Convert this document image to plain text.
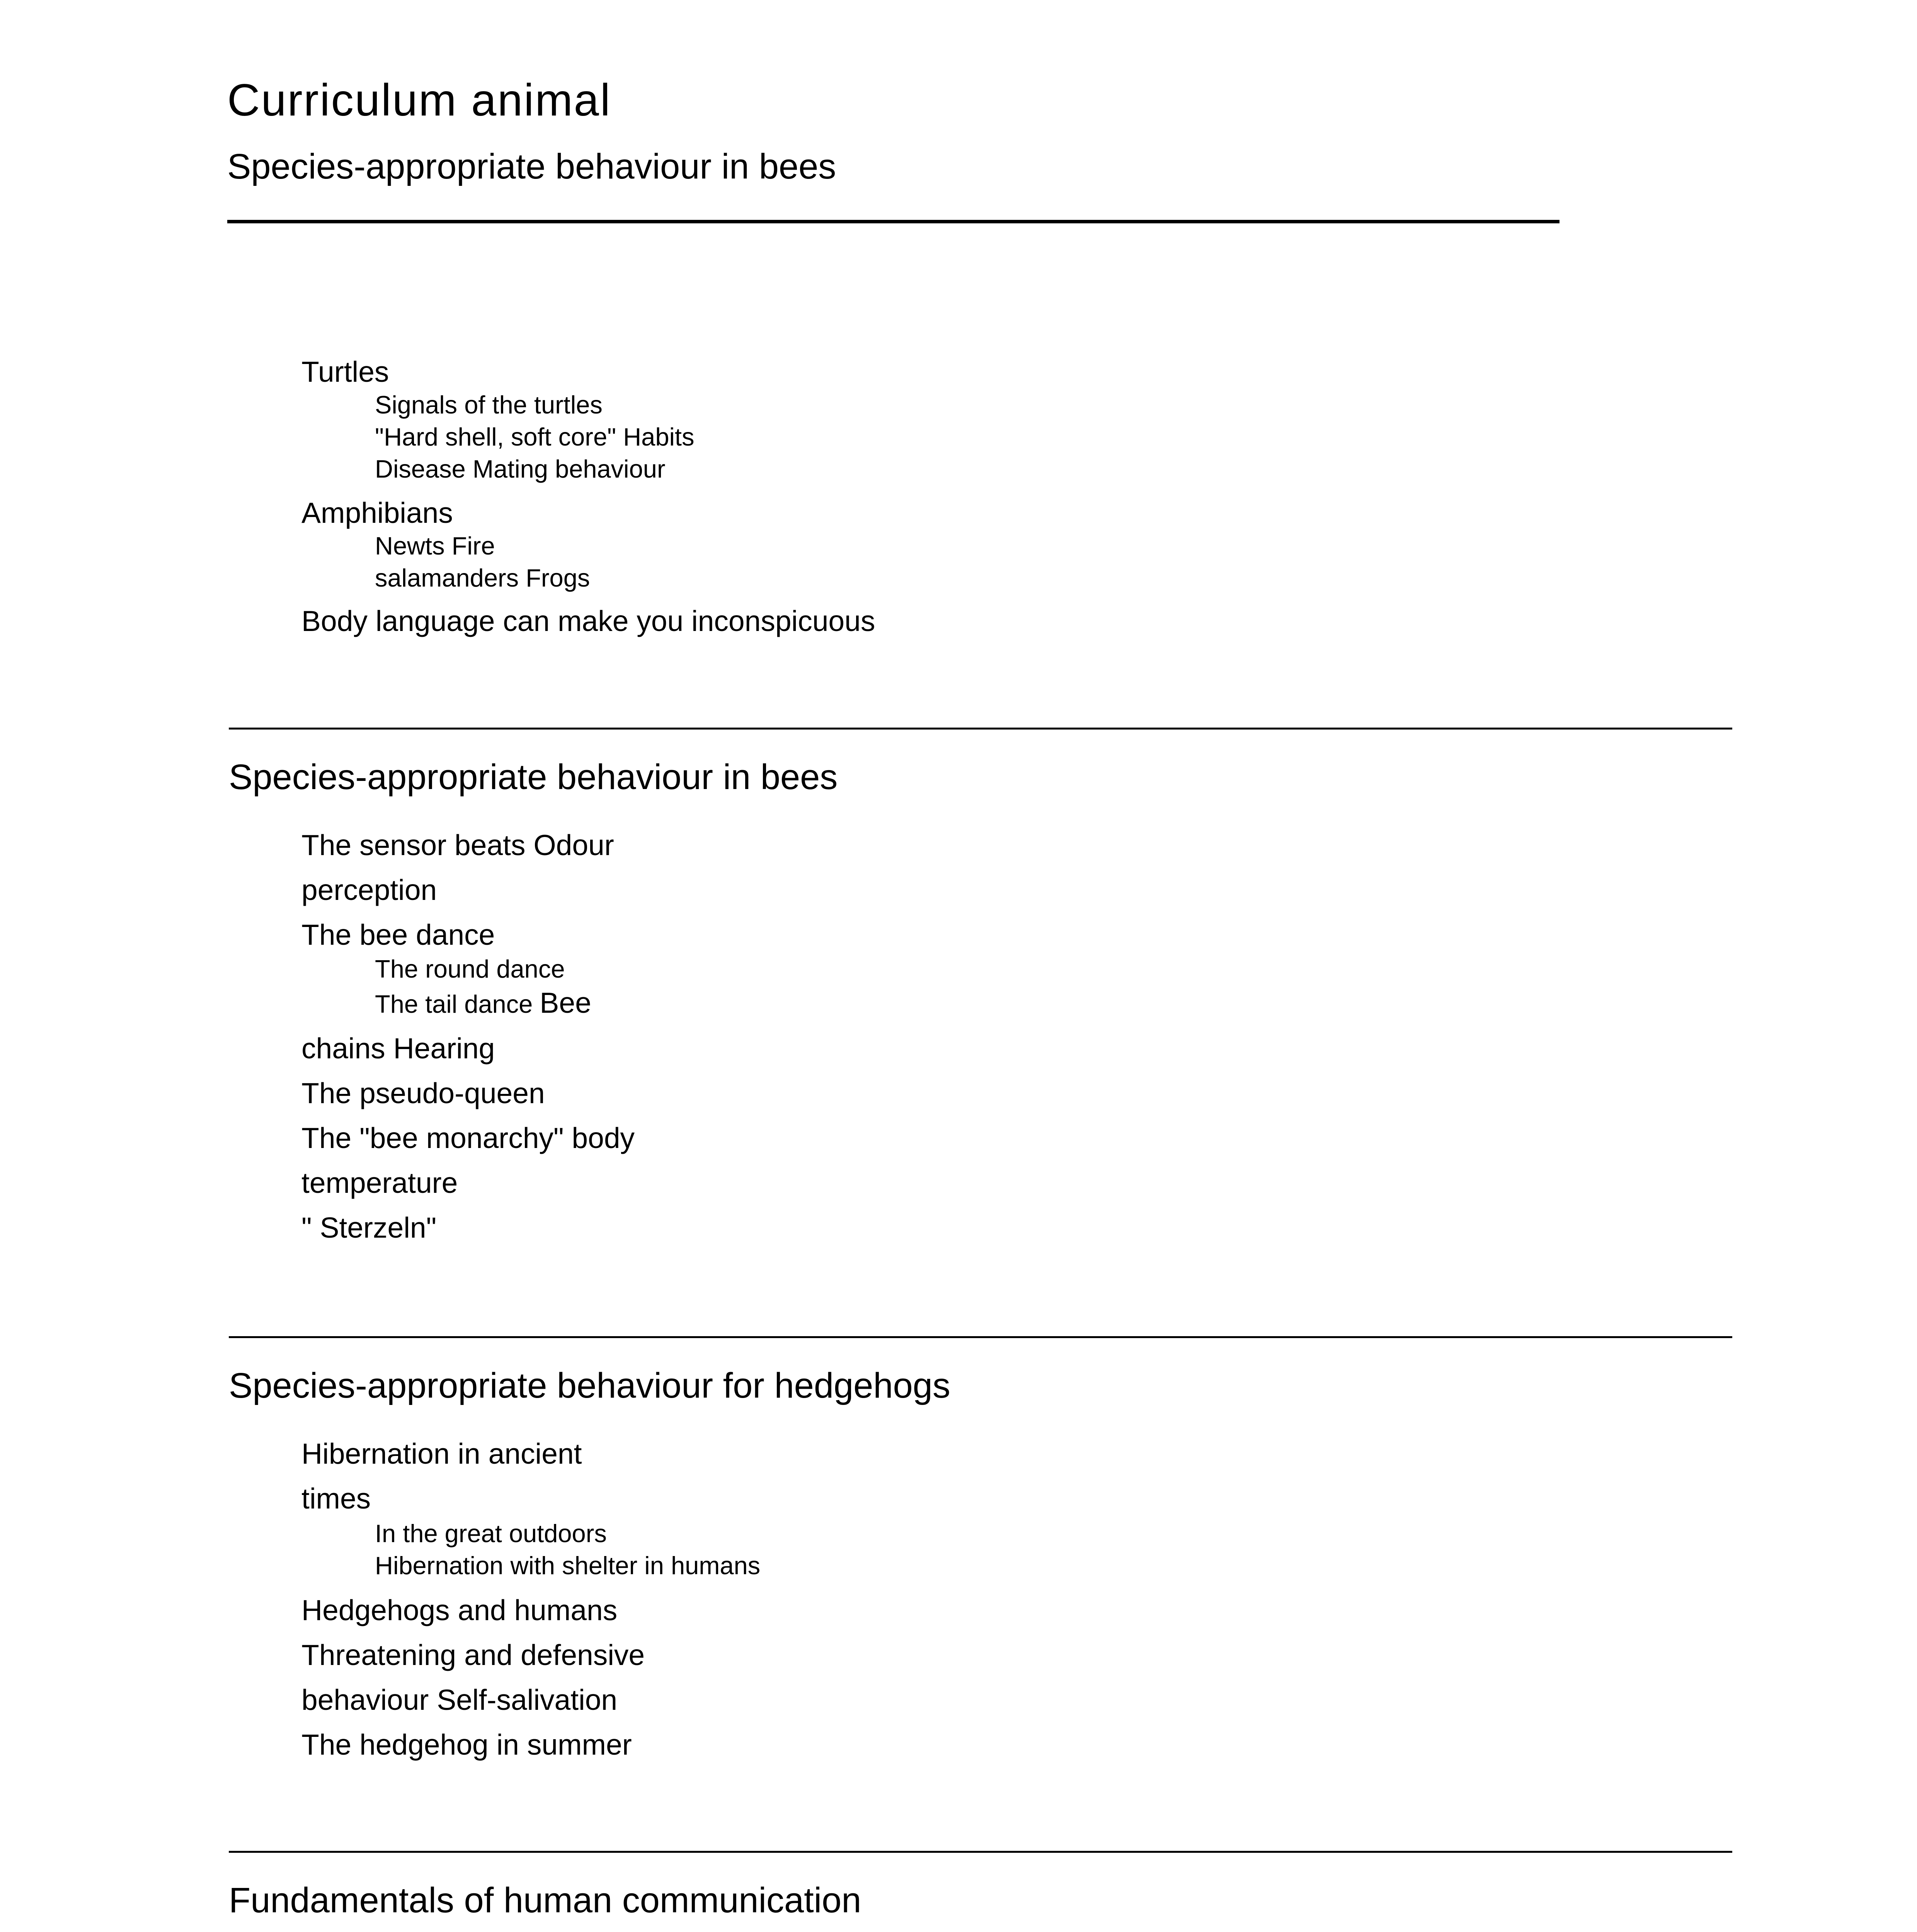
Curriculum animal
Species-appropriate behaviour in bees
Turtles
Signals of the turtles
"Hard shell, soft core" Habits
Disease Mating behaviour
Amphibians
Newts Fire
salamanders Frogs
Body language can make you inconspicuous
Species-appropriate behaviour in bees
The sensor beats Odour
perception
The bee dance
The round dance
The tail dance Bee
chains Hearing
The pseudo-queen
The "bee monarchy" body
temperature
" Sterzeln"
Species-appropriate behaviour for hedgehogs
Hibernation in ancient
times
In the great outdoors
Hibernation with shelter in humans
Hedgehogs and humans
Threatening and defensive
behaviour Self-salivation
The hedgehog in summer
Fundamentals of human communication
